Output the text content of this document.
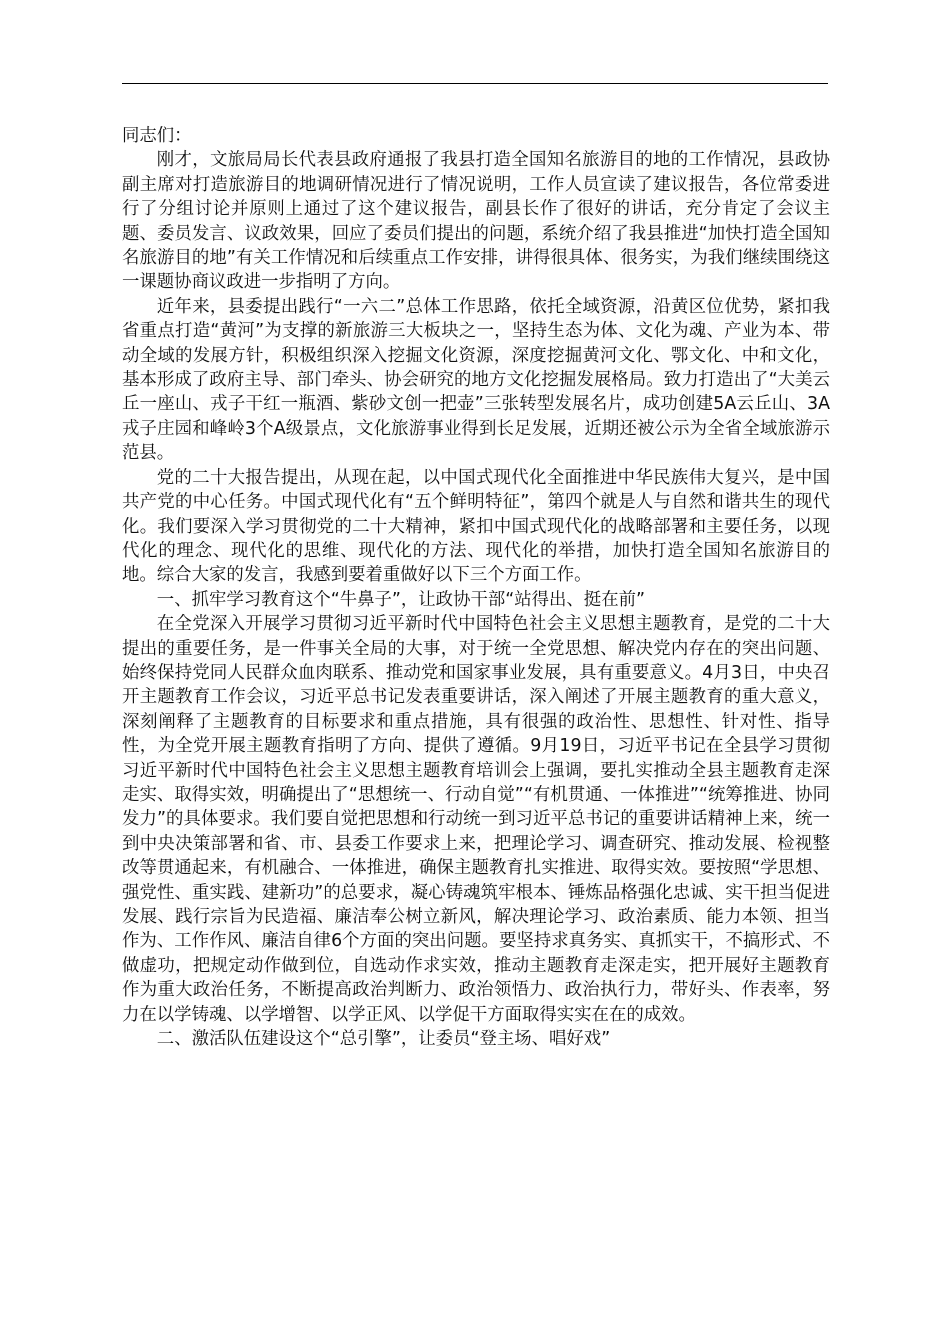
同志们：

刚才，文旅局局长代表县政府通报了我县打造全国知名旅游目的地的工作情况，县政协副主席对打造旅游目的地调研情况进行了情况说明，工作人员宣读了建议报告，各位常委进行了分组讨论并原则上通过了这个建议报告，副县长作了很好的讲话，充分肯定了会议主题、委员发言、议政效果，回应了委员们提出的问题，系统介绍了我县推进“加快打造全国知名旅游目的地”有关工作情况和后续重点工作安排，讲得很具体、很务实，为我们继续围绕这一课题协商议政进一步指明了方向。

近年来，县委提出践行“一六二”总体工作思路，依托全域资源，沿黄区位优势，紧扣我省重点打造“黄河”为支撑的新旅游三大板块之一，坚持生态为体、文化为魂、产业为本、带动全域的发展方针，积极组织深入挖掘文化资源，深度挖掘黄河文化、鄂文化、中和文化，基本形成了政府主导、部门牵头、协会研究的地方文化挖掘发展格局。致力打造出了“大美云丘一座山、戎子干红一瓶酒、紫砂文创一把壶”三张转型发展名片，成功创建5A云丘山、3A戎子庄园和峰岭3个A级景点，文化旅游事业得到长足发展，近期还被公示为全省全域旅游示范县。

党的二十大报告提出，从现在起，以中国式现代化全面推进中华民族伟大复兴，是中国共产党的中心任务。中国式现代化有“五个鲜明特征”，第四个就是人与自然和谐共生的现代化。我们要深入学习贯彻党的二十大精神，紧扣中国式现代化的战略部署和主要任务，以现代化的理念、现代化的思维、现代化的方法、现代化的举措，加快打造全国知名旅游目的地。综合大家的发言，我感到要着重做好以下三个方面工作。

一、抓牢学习教育这个“牛鼻子”，让政协干部“站得出、挺在前”

在全党深入开展学习贯彻习近平新时代中国特色社会主义思想主题教育，是党的二十大提出的重要任务，是一件事关全局的大事，对于统一全党思想、解决党内存在的突出问题、始终保持党同人民群众血肉联系、推动党和国家事业发展，具有重要意义。4月3日，中央召开主题教育工作会议，习近平总书记发表重要讲话，深入阐述了开展主题教育的重大意义，深刻阐释了主题教育的目标要求和重点措施，具有很强的政治性、思想性、针对性、指导性，为全党开展主题教育指明了方向、提供了遵循。9月19日，习近平书记在全县学习贯彻习近平新时代中国特色社会主义思想主题教育培训会上强调，要扎实推动全县主题教育走深走实、取得实效，明确提出了“思想统一、行动自觉”“有机贯通、一体推进”“统筹推进、协同发力”的具体要求。我们要自觉把思想和行动统一到习近平总书记的重要讲话精神上来，统一到中央决策部署和省、市、县委工作要求上来，把理论学习、调查研究、推动发展、检视整改等贯通起来，有机融合、一体推进，确保主题教育扎实推进、取得实效。要按照“学思想、强党性、重实践、建新功”的总要求，凝心铸魂筑牢根本、锤炼品格强化忠诚、实干担当促进发展、践行宗旨为民造福、廉洁奉公树立新风，解决理论学习、政治素质、能力本领、担当作为、工作作风、廉洁自律6个方面的突出问题。要坚持求真务实、真抓实干，不搞形式、不做虚功，把规定动作做到位，自选动作求实效，推动主题教育走深走实，把开展好主题教育作为重大政治任务，不断提高政治判断力、政治领悟力、政治执行力，带好头、作表率，努力在以学铸魂、以学增智、以学正风、以学促干方面取得实实在在的成效。

二、激活队伍建设这个“总引擎”，让委员“登主场、唱好戏”
